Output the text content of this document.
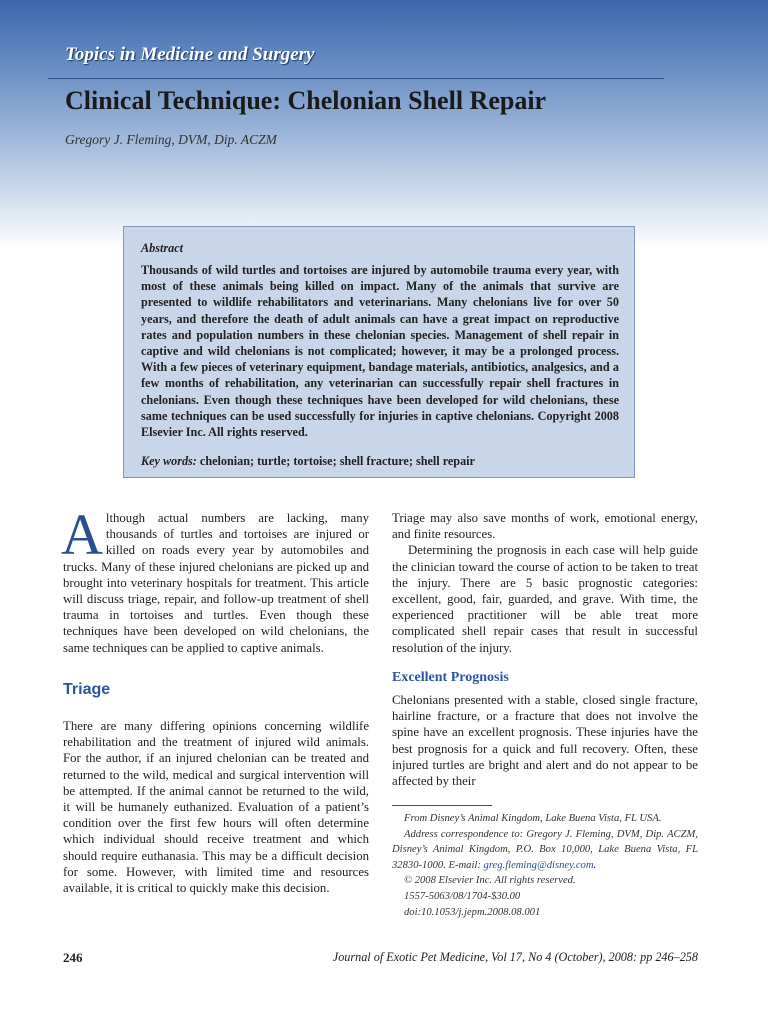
Topics in Medicine and Surgery
Clinical Technique: Chelonian Shell Repair
Gregory J. Fleming, DVM, Dip. ACZM
Abstract

Thousands of wild turtles and tortoises are injured by automobile trauma every year, with most of these animals being killed on impact. Many of the animals that survive are presented to wildlife rehabilitators and veterinarians. Many chelonians live for over 50 years, and therefore the death of adult animals can have a great impact on reproductive rates and population numbers in these chelonian species. Management of shell repair in captive and wild chelonians is not complicated; however, it may be a prolonged process. With a few pieces of veterinary equipment, bandage materials, antibiotics, analgesics, and a few months of rehabilitation, any veterinarian can successfully repair shell fractures in chelonians. Even though these techniques have been developed for wild chelonians, these same techniques can be used successfully for injuries in captive chelonians. Copyright 2008 Elsevier Inc. All rights reserved.

Key words: chelonian; turtle; tortoise; shell fracture; shell repair

Although actual numbers are lacking, many thousands of turtles and tortoises are injured or killed on roads every year by automobiles and trucks. Many of these injured chelonians are picked up and brought into veterinary hospitals for treatment. This article will discuss triage, repair, and follow-up treatment of shell trauma in tortoises and turtles. Even though these techniques have been developed on wild chelonians, the same techniques can be applied to captive animals.

Triage

There are many differing opinions concerning wildlife rehabilitation and the treatment of injured wild animals. For the author, if an injured chelonian can be treated and returned to the wild, medical and surgical intervention will be attempted. If the animal cannot be returned to the wild, it will be humanely euthanized. Evaluation of a patient’s condition over the first few hours will often determine which individual should receive treatment and which should require euthanasia. This may be a difficult decision for some. However, with limited time and resources available, it is critical to quickly make this decision.

Triage may also save months of work, emotional energy, and finite resources.

Determining the prognosis in each case will help guide the clinician toward the course of action to be taken to treat the injury. There are 5 basic prognostic categories: excellent, good, fair, guarded, and grave. With time, the experienced practitioner will be able treat more complicated shell repair cases that result in successful resolution of the injury.

Excellent Prognosis

Chelonians presented with a stable, closed single fracture, hairline fracture, or a fracture that does not involve the spine have an excellent prognosis. These injuries have the best prognosis for a quick and full recovery. Often, these injured turtles are bright and alert and do not appear to be affected by their

From Disney’s Animal Kingdom, Lake Buena Vista, FL USA.

Address correspondence to: Gregory J. Fleming, DVM, Dip. ACZM, Disney’s Animal Kingdom, P.O. Box 10,000, Lake Buena Vista, FL 32830-1000. E-mail: greg.fleming@disney.com.

© 2008 Elsevier Inc. All rights reserved.

1557-5063/08/1704-$30.00

doi:10.1053/j.jepm.2008.08.001

246	Journal of Exotic Pet Medicine, Vol 17, No 4 (October), 2008: pp 246–258
